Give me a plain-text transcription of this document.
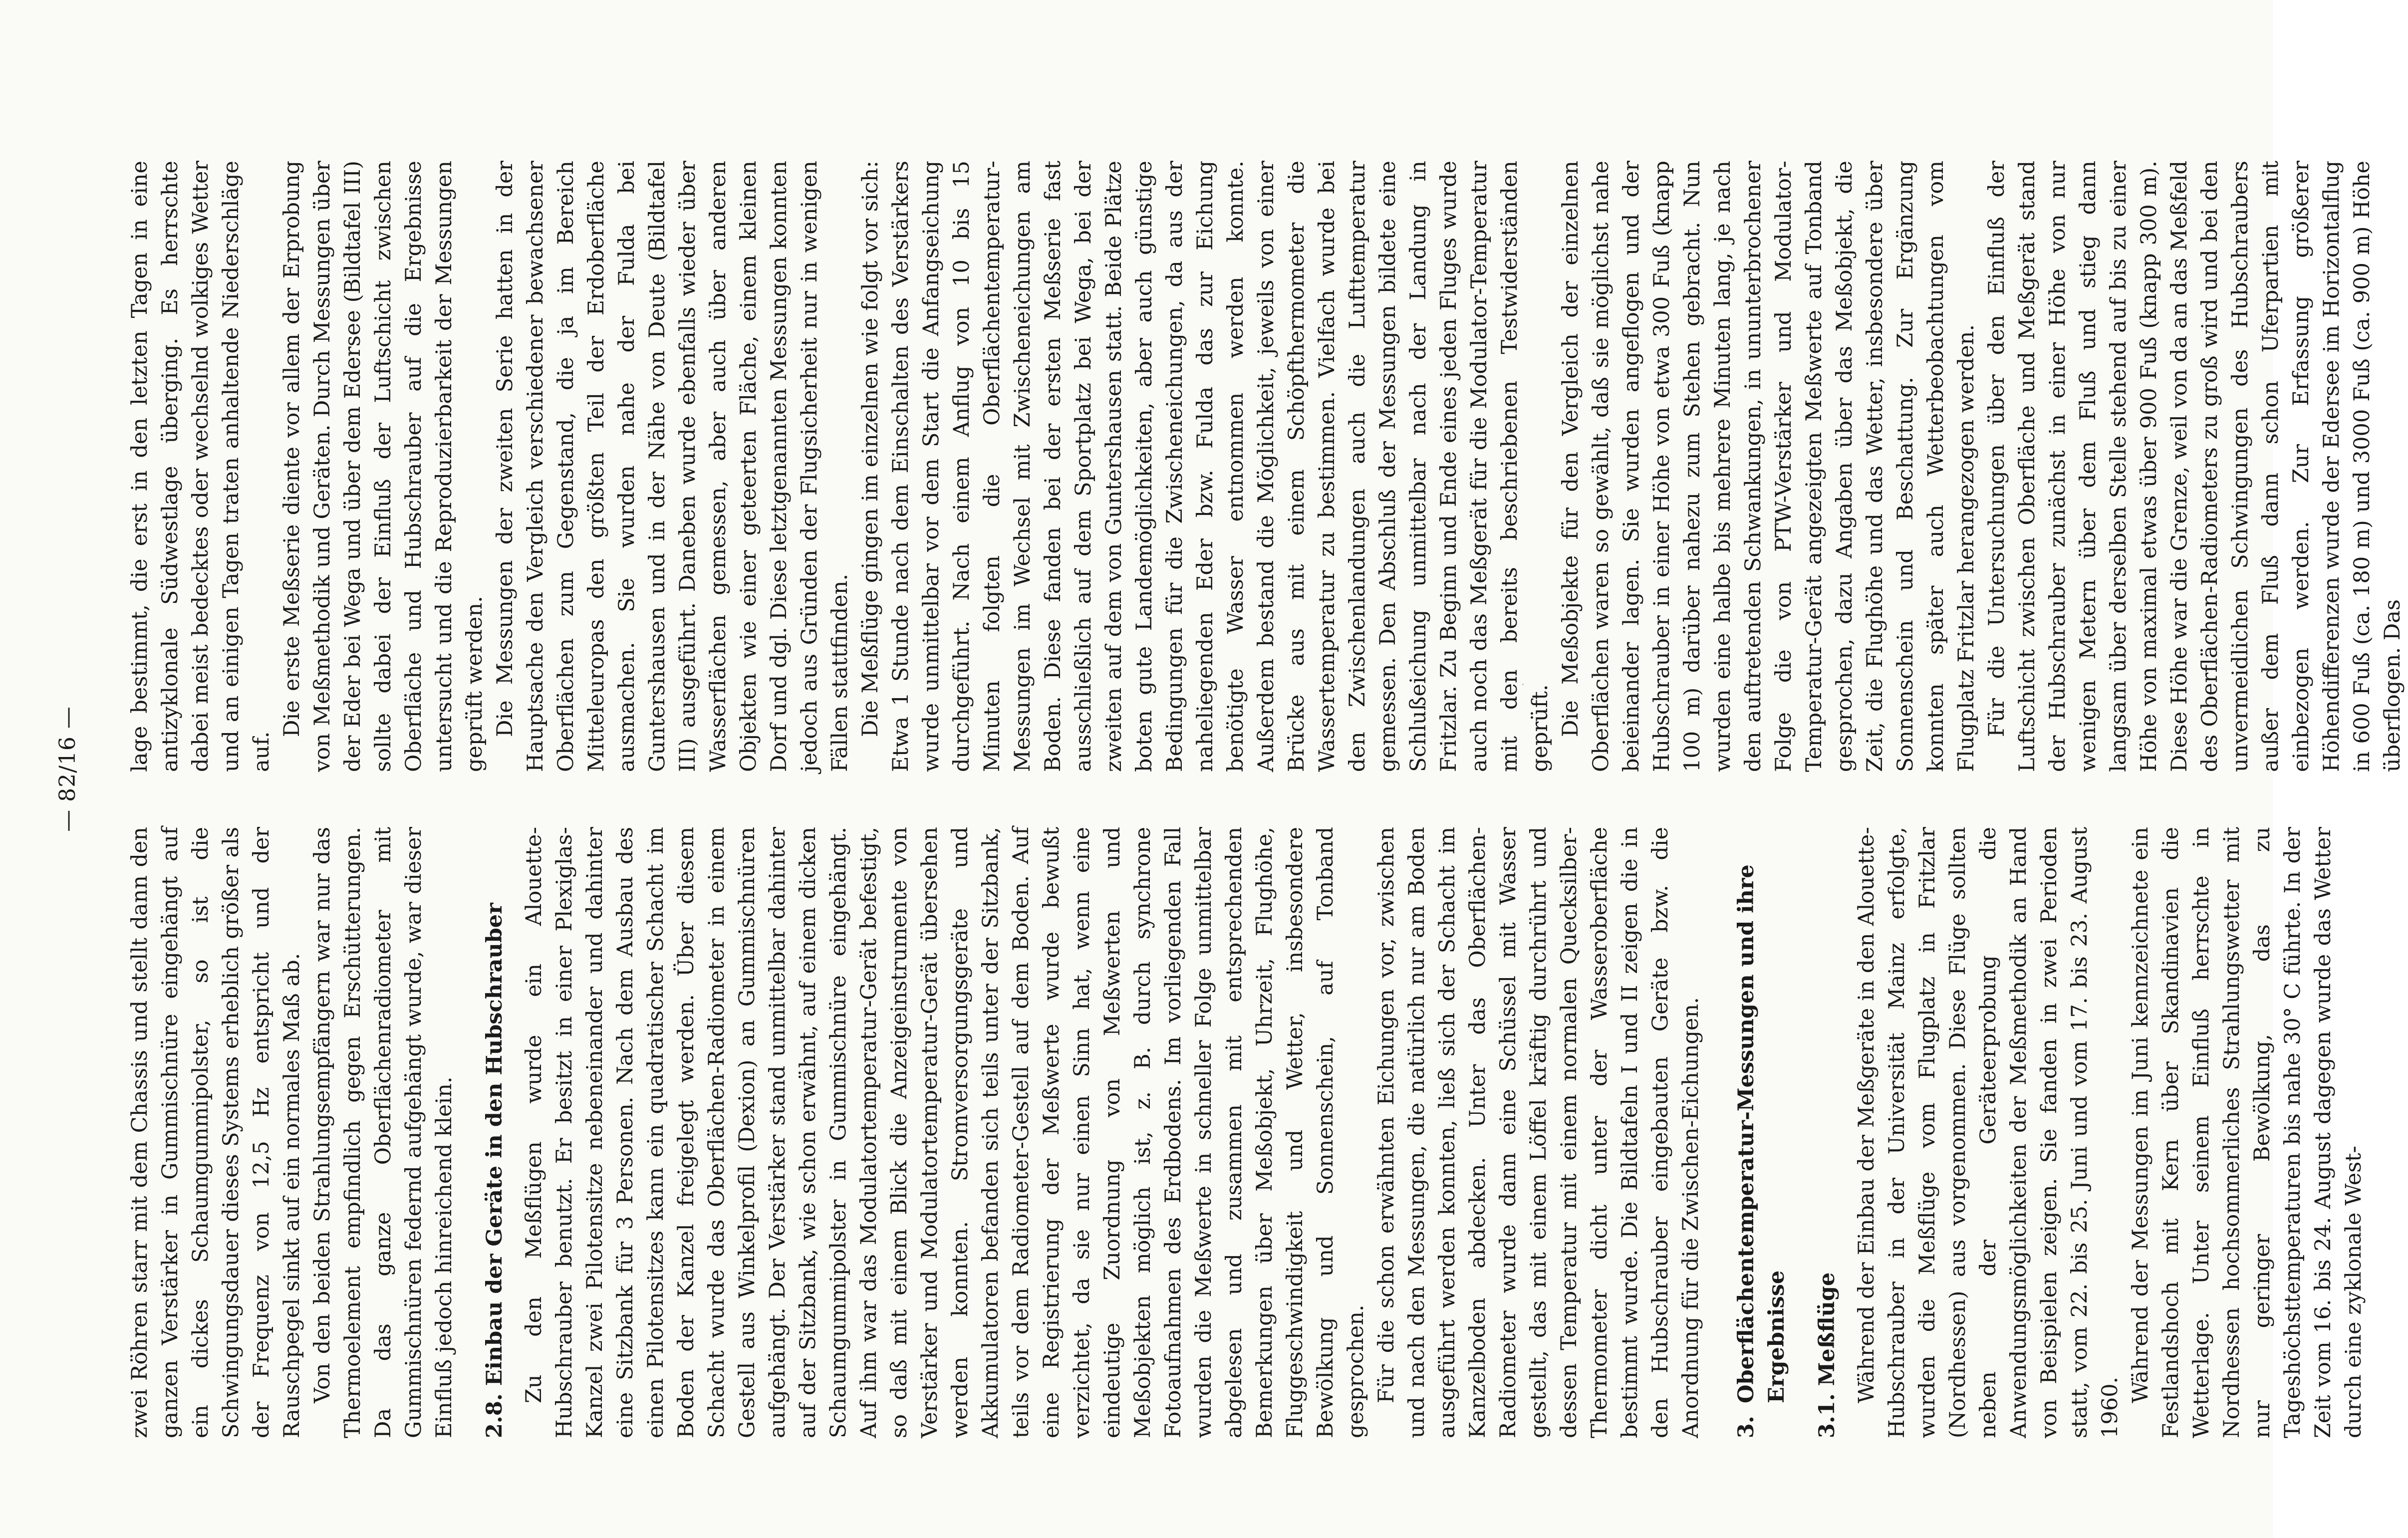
— 82/16 —

zwei Röhren starr mit dem Chassis und stellt dann den ganzen Verstärker in Gummischnüre eingehängt auf ein dickes Schaumgummipolster, so ist die Schwingungsdauer dieses Systems erheblich größer als der Frequenz von 12,5 Hz entspricht und der Rauschpegel sinkt auf ein normales Maß ab. Von den beiden Strahlungsempfängern war nur das Thermoelement empfindlich gegen Erschütterungen. Da das ganze Oberflächenradiometer mit Gummischnüren federnd aufgehängt wurde, war dieser Einfluß jedoch hinreichend klein. 2.8. Einbau der Geräte in den Hubschrauber Zu den Meßflügen wurde ein Alouette-Hubschrauber benutzt. Er besitzt in einer Plexiglas-Kanzel zwei Pilotensitze nebeneinander und dahinter eine Sitzbank für 3 Personen. Nach dem Ausbau des einen Pilotensitzes kann ein quadratischer Schacht im Boden der Kanzel freigelegt werden. Über diesem Schacht wurde das Oberflächen-Radiometer in einem Gestell aus Winkelprofil (Dexion) an Gummischnüren aufgehängt. Der Verstärker stand unmittelbar dahinter auf der Sitzbank, wie schon erwähnt, auf einem dicken Schaumgummipolster in Gummischnüre eingehängt. Auf ihm war das Modulatortemperatur-Gerät befestigt, so daß mit einem Blick die Anzeigeinstrumente von Verstärker und Modulatortemperatur-Gerät übersehen werden konnten. Stromversorgungsgeräte und Akkumulatoren befanden sich teils unter der Sitzbank, teils vor dem Radiometer-Gestell auf dem Boden. Auf eine Registrierung der Meßwerte wurde bewußt verzichtet, da sie nur einen Sinn hat, wenn eine eindeutige Zuordnung von Meßwerten und Meßobjekten möglich ist, z. B. durch synchrone Fotoaufnahmen des Erdbodens. Im vorliegenden Fall wurden die Meßwerte in schneller Folge unmittelbar abgelesen und zusammen mit entsprechenden Bemerkungen über Meßobjekt, Uhrzeit, Flughöhe, Fluggeschwindigkeit und Wetter, insbesondere Bewölkung und Sonnenschein, auf Tonband gesprochen. Für die schon erwähnten Eichungen vor, zwischen und nach den Messungen, die natürlich nur am Boden ausgeführt werden konnten, ließ sich der Schacht im Kanzelboden abdecken. Unter das Oberflächen-Radiometer wurde dann eine Schüssel mit Wasser gestellt, das mit einem Löffel kräftig durchrührt und dessen Temperatur mit einem normalen Quecksilber-Thermometer dicht unter der Wasseroberfläche bestimmt wurde. Die Bildtafeln I und II zeigen die in den Hubschrauber eingebauten Geräte bzw. die Anordnung für die Zwischen-Eichungen. 3.Oberflächentemperatur-Messungen und ihre Ergebnisse 3.1. Meßflüge Während der Einbau der Meßgeräte in den Alouette-Hubschrauber in der Universität Mainz erfolgte, wurden die Meßflüge vom Flugplatz in Fritzlar (Nordhessen) aus vorgenommen. Diese Flüge sollten neben der Geräteerprobung die Anwendungsmöglichkeiten der Meßmethodik an Hand von Beispielen zeigen. Sie fanden in zwei Perioden statt, vom 22. bis 25. Juni und vom 17. bis 23. August 1960.

Während der Messungen im Juni kennzeichnete ein Festlandshoch mit Kern über Skandinavien die Wetterlage. Unter seinem Einfluß herrschte in Nordhessen hochsommerliches Strahlungswetter mit nur geringer Bewölkung, das zu Tageshöchsttemperaturen bis nahe 30° C führte. In der Zeit vom 16. bis 24. August dagegen wurde das Wetter durch eine zyklonale West-

lage bestimmt, die erst in den letzten Tagen in eine antizyklonale Südwestlage überging. Es herrschte dabei meist bedecktes oder wechselnd wolkiges Wetter und an einigen Tagen traten anhaltende Niederschläge auf.

Die erste Meßserie diente vor allem der Erprobung von Meßmethodik und Geräten. Durch Messungen über der Eder bei Wega und über dem Edersee (Bildtafel III) sollte dabei der Einfluß der Luftschicht zwischen Oberfläche und Hubschrauber auf die Ergebnisse untersucht und die Reproduzierbarkeit der Messungen geprüft werden. Die Messungen der zweiten Serie hatten in der Hauptsache den Vergleich verschiedener bewachsener Oberflächen zum Gegenstand, die ja im Bereich Mitteleuropas den größten Teil der Erdoberfläche ausmachen. Sie wurden nahe der Fulda bei Guntershausen und in der Nähe von Deute (Bildtafel III) ausgeführt. Daneben wurde ebenfalls wieder über Wasserflächen gemessen, aber auch über anderen Objekten wie einer geteerten Fläche, einem kleinen Dorf und dgl. Diese letztgenannten Messungen konnten jedoch aus Gründen der Flugsicherheit nur in wenigen Fällen stattfinden. Die Meßflüge gingen im einzelnen wie folgt vor sich: Etwa 1 Stunde nach dem Einschalten des Verstärkers wurde unmittelbar vor dem Start die Anfangseichung durchgeführt. Nach einem Anflug von 10 bis 15 Minuten folgten die Oberflächentemperatur-Messungen im Wechsel mit Zwischeneichungen am Boden. Diese fanden bei der ersten Meßserie fast ausschließlich auf dem Sportplatz bei Wega, bei der zweiten auf dem von Guntershausen statt. Beide Plätze boten gute Landemöglichkeiten, aber auch günstige Bedingungen für die Zwischeneichungen, da aus der naheliegenden Eder bzw. Fulda das zur Eichung benötigte Wasser entnommen werden konnte. Außerdem bestand die Möglichkeit, jeweils von einer Brücke aus mit einem Schöpfthermometer die Wassertemperatur zu bestimmen. Vielfach wurde bei den Zwischenlandungen auch die Lufttemperatur gemessen. Den Abschluß der Messungen bildete eine Schlußeichung unmittelbar nach der Landung in Fritzlar. Zu Beginn und Ende eines jeden Fluges wurde auch noch das Meßgerät für die Modulator-Temperatur mit den bereits beschriebenen Testwiderständen geprüft. Die Meßobjekte für den Vergleich der einzelnen Oberflächen waren so gewählt, daß sie möglichst nahe beieinander lagen. Sie wurden angeflogen und der Hubschrauber in einer Höhe von etwa 300 Fuß (knapp 100 m) darüber nahezu zum Stehen gebracht. Nun wurden eine halbe bis mehrere Minuten lang, je nach den auftretenden Schwankungen, in ununterbrochener Folge die von PTW-Verstärker und Modulator-Temperatur-Gerät angezeigten Meßwerte auf Tonband gesprochen, dazu Angaben über das Meßobjekt, die Zeit, die Flughöhe und das Wetter, insbesondere über Sonnenschein und Beschattung. Zur Ergänzung konnten später auch Wetterbeobachtungen vom Flugplatz Fritzlar herangezogen werden. Für die Untersuchungen über den Einfluß der Luftschicht zwischen Oberfläche und Meßgerät stand der Hubschrauber zunächst in einer Höhe von nur wenigen Metern über dem Fluß und stieg dann langsam über derselben Stelle stehend auf bis zu einer Höhe von maximal etwas über 900 Fuß (knapp 300 m). Diese Höhe war die Grenze, weil von da an das Meßfeld des Oberflächen-Radiometers zu groß wird und bei den unvermeidlichen Schwingungen des Hubschraubers außer dem Fluß dann schon Uferpartien mit einbezogen werden. Zur Erfassung größerer Höhendifferenzen wurde der Edersee im Horizontalflug in 600 Fuß (ca. 180 m) und 3000 Fuß (ca. 900 m) Höhe überflogen. Das
